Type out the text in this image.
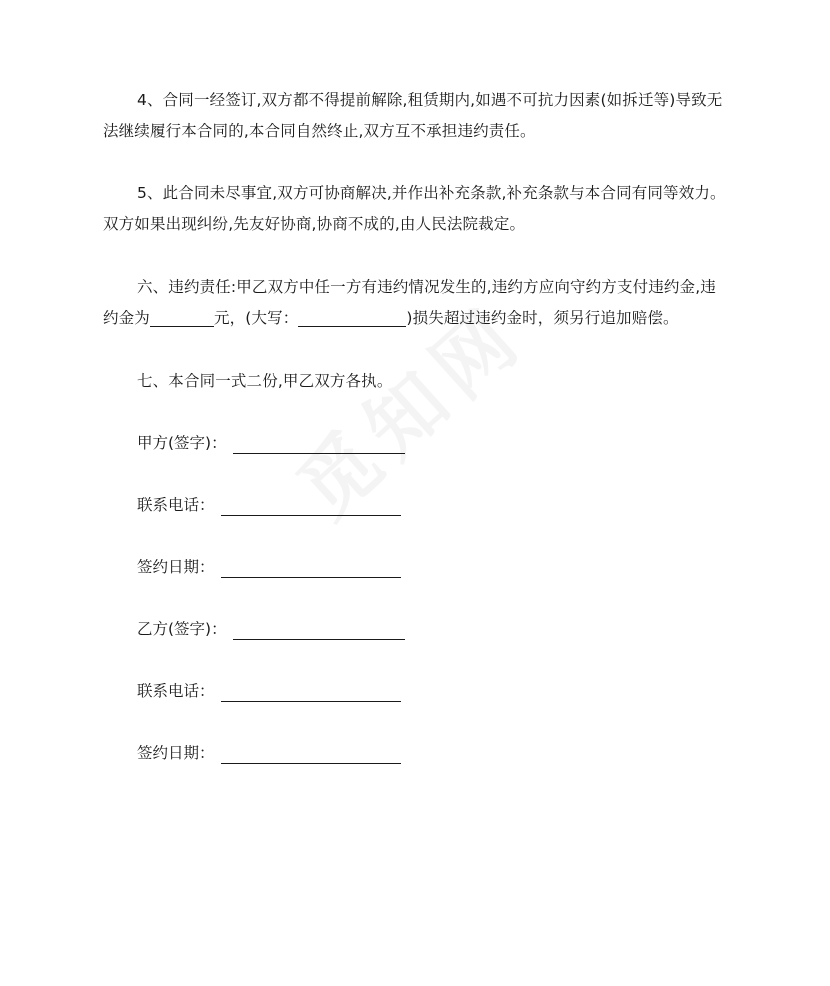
4、合同一经签订,双方都不得提前解除,租赁期内,如遇不可抗力因素(如拆迁等)导致无法继续履行本合同的,本合同自然终止,双方互不承担违约责任。
5、此合同未尽事宜,双方可协商解决,并作出补充条款,补充条款与本合同有同等效力。双方如果出现纠纷,先友好协商,协商不成的,由人民法院裁定。
六、违约责任:甲乙双方中任一方有违约情况发生的,违约方应向守约方支付违约金,违约金为	元，(大写：	)损失超过违约金时，须另行追加赔偿。
七、本合同一式二份,甲乙双方各执。
甲方(签字)：
联系电话：
签约日期：
乙方(签字)：
联系电话：
签约日期：
